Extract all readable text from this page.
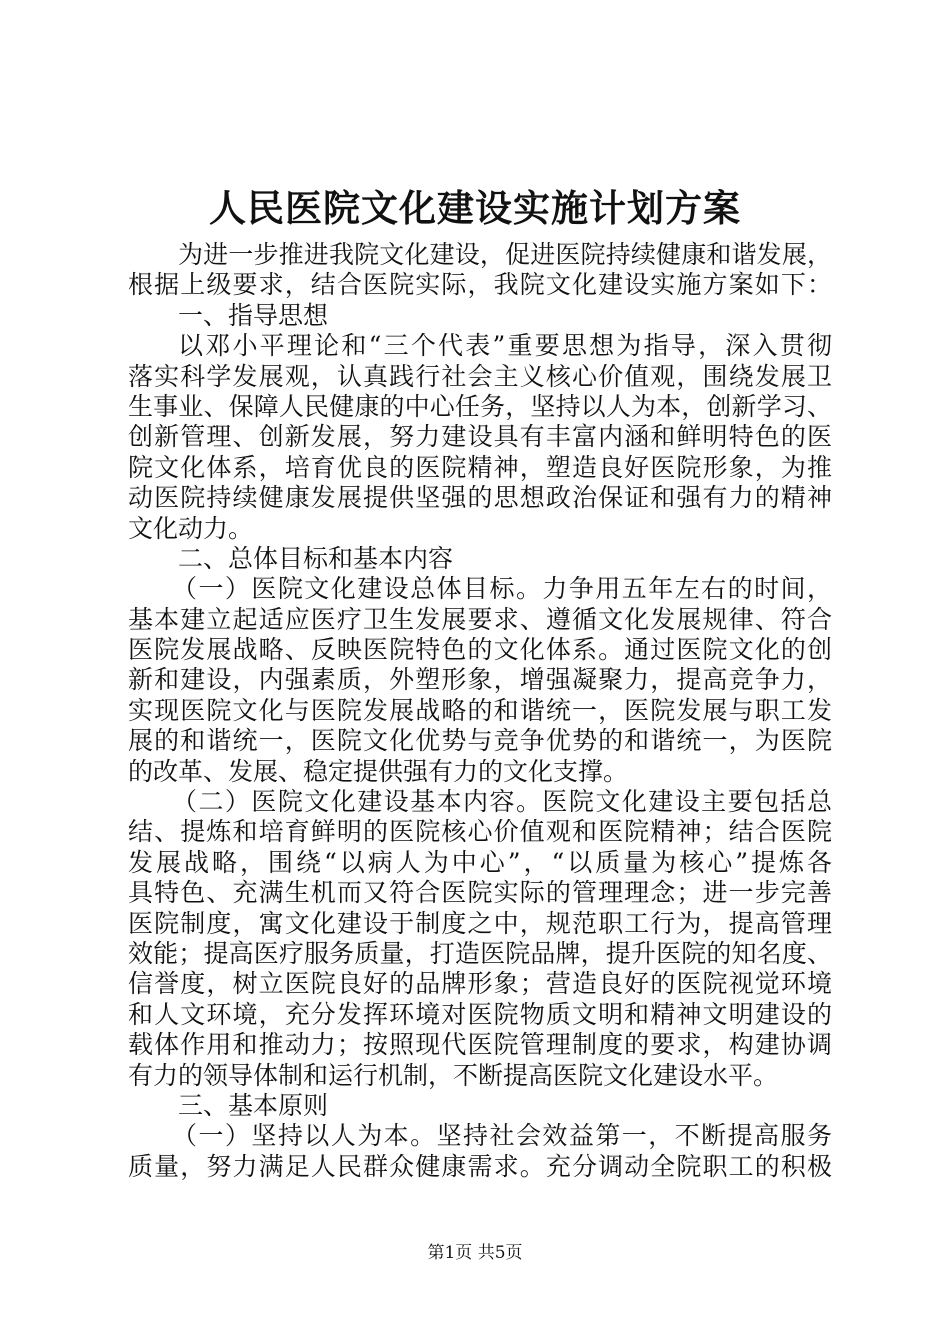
人民医院文化建设实施计划方案
为进一步推进我院文化建设，促进医院持续健康和谐发展，
根据上级要求，结合医院实际，我院文化建设实施方案如下：
一、指导思想
以邓小平理论和“三个代表”重要思想为指导，深入贯彻
落实科学发展观，认真践行社会主义核心价值观，围绕发展卫
生事业、保障人民健康的中心任务，坚持以人为本，创新学习、
创新管理、创新发展，努力建设具有丰富内涵和鲜明特色的医
院文化体系，培育优良的医院精神，塑造良好医院形象，为推
动医院持续健康发展提供坚强的思想政治保证和强有力的精神
文化动力。
二、总体目标和基本内容
（一）医院文化建设总体目标。力争用五年左右的时间，
基本建立起适应医疗卫生发展要求、遵循文化发展规律、符合
医院发展战略、反映医院特色的文化体系。通过医院文化的创
新和建设，内强素质，外塑形象，增强凝聚力，提高竞争力，
实现医院文化与医院发展战略的和谐统一，医院发展与职工发
展的和谐统一，医院文化优势与竞争优势的和谐统一，为医院
的改革、发展、稳定提供强有力的文化支撑。
（二）医院文化建设基本内容。医院文化建设主要包括总
结、提炼和培育鲜明的医院核心价值观和医院精神；结合医院
发展战略，围绕“以病人为中心”，“以质量为核心”提炼各
具特色、充满生机而又符合医院实际的管理理念；进一步完善
医院制度，寓文化建设于制度之中，规范职工行为，提高管理
效能；提高医疗服务质量，打造医院品牌，提升医院的知名度、
信誉度，树立医院良好的品牌形象；营造良好的医院视觉环境
和人文环境，充分发挥环境对医院物质文明和精神文明建设的
载体作用和推动力；按照现代医院管理制度的要求，构建协调
有力的领导体制和运行机制，不断提高医院文化建设水平。
三、基本原则
（一）坚持以人为本。坚持社会效益第一，不断提高服务
质量，努力满足人民群众健康需求。充分调动全院职工的积极
第1页 共5页
